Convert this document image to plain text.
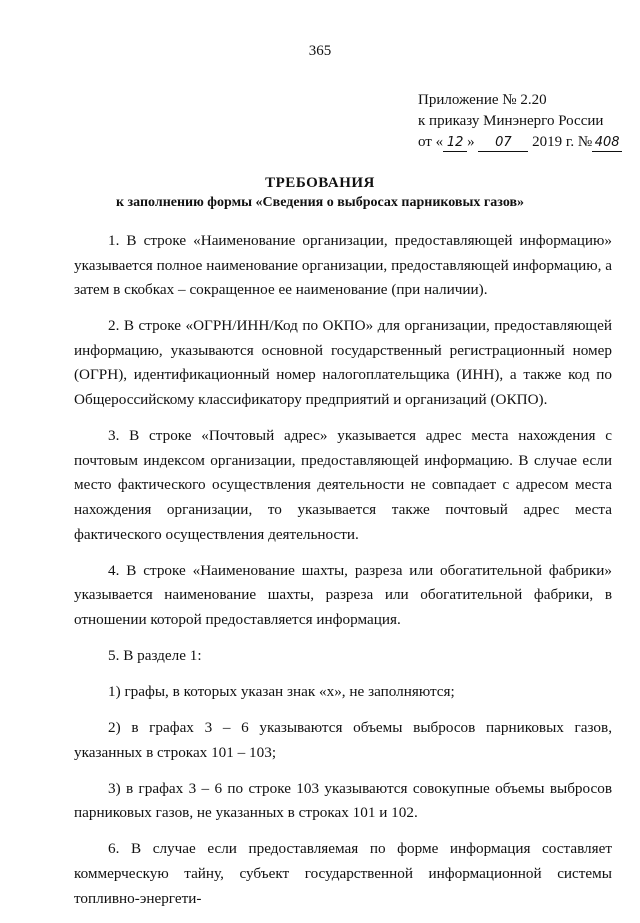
365
Приложение № 2.20
к приказу Минэнерго России
от « 12 » 07 2019 г. № 408
ТРЕБОВАНИЯ
к заполнению формы «Сведения о выбросах парниковых газов»

1. В строке «Наименование организации, предоставляющей информацию» указывается полное наименование организации, предоставляющей информацию, а затем в скобках – сокращенное ее наименование (при наличии).

2. В строке «ОГРН/ИНН/Код по ОКПО» для организации, предоставляющей информацию, указываются основной государственный регистрационный номер (ОГРН), идентификационный номер налогоплательщика (ИНН), а также код по Общероссийскому классификатору предприятий и организаций (ОКПО).

3. В строке «Почтовый адрес» указывается адрес места нахождения с почтовым индексом организации, предоставляющей информацию. В случае если место фактического осуществления деятельности не совпадает с адресом места нахождения организации, то указывается также почтовый адрес места фактического осуществления деятельности.

4. В строке «Наименование шахты, разреза или обогатительной фабрики» указывается наименование шахты, разреза или обогатительной фабрики, в отношении которой предоставляется информация.

5. В разделе 1:

1) графы, в которых указан знак «х», не заполняются;

2) в графах 3 – 6 указываются объемы выбросов парниковых газов, указанных в строках 101 – 103;

3) в графах 3 – 6 по строке 103 указываются совокупные объемы выбросов парниковых газов, не указанных в строках 101 и 102.

6. В случае если предоставляемая по форме информация составляет коммерческую тайну, субъект государственной информационной системы топливно-энергети-
